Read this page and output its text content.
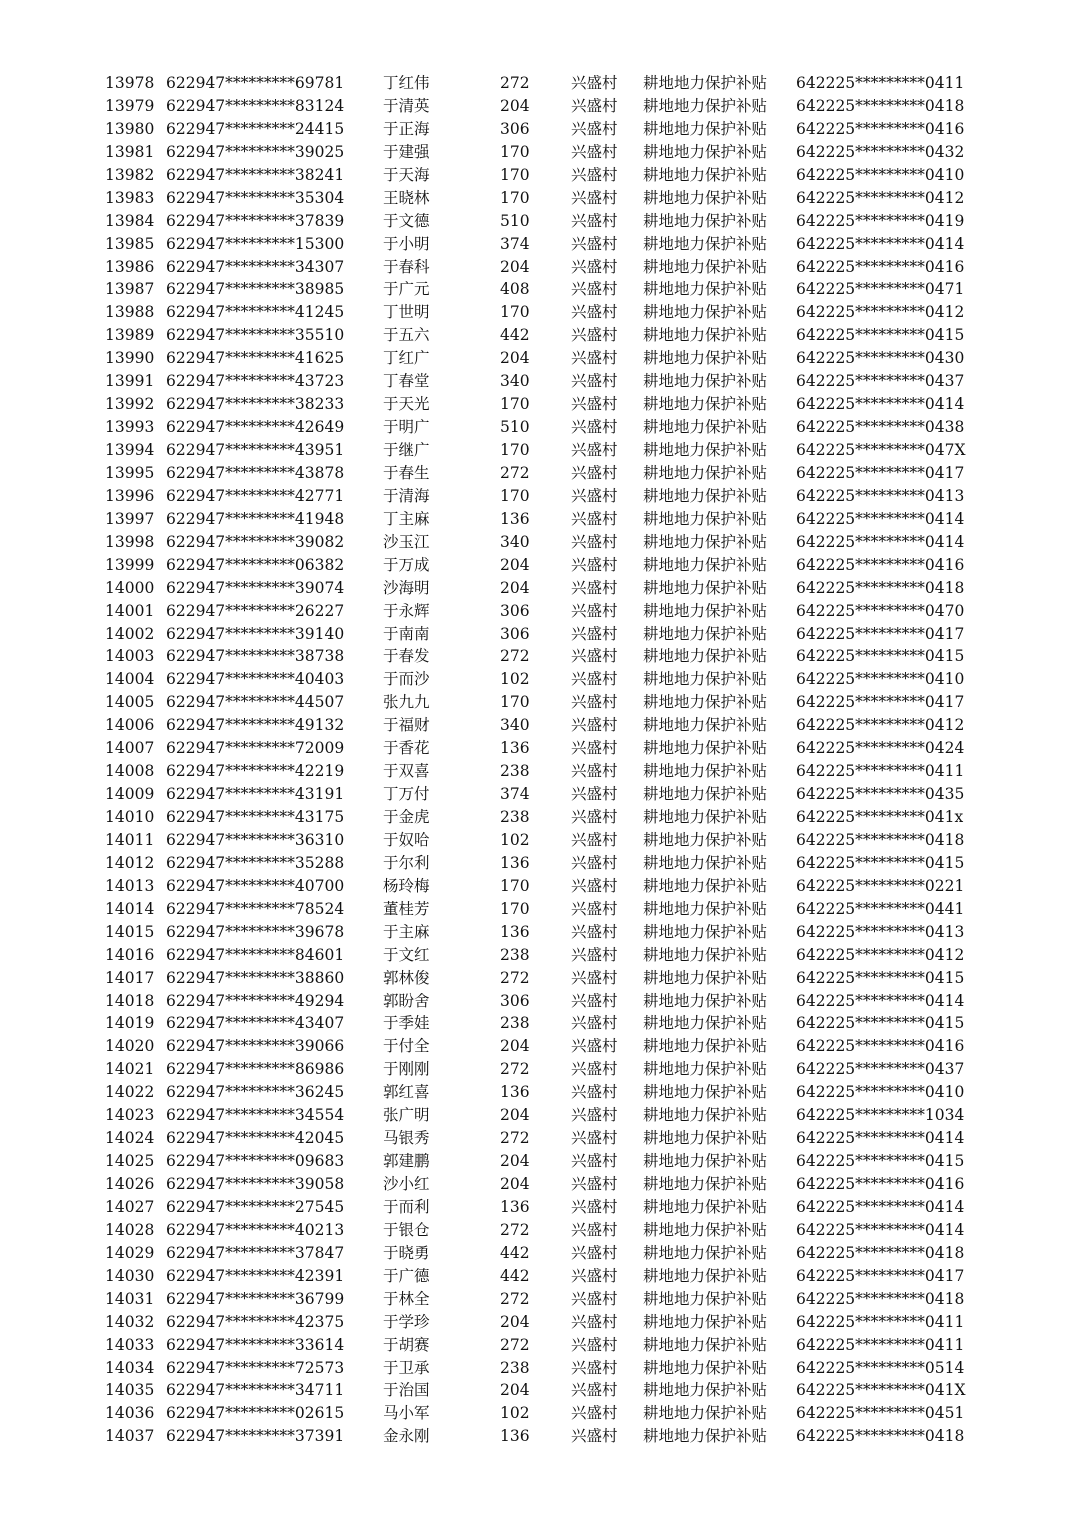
13978 622947*********69781	丁红伟	272	兴盛村 耕地地力保护补贴 642225*********0411
13979 622947*********83124	于清英	204	兴盛村 耕地地力保护补贴 642225*********0418
13980 622947*********24415	于正海	306	兴盛村 耕地地力保护补贴 642225*********0416
13981 622947*********39025	于建强	170	兴盛村 耕地地力保护补贴 642225*********0432
13982 622947*********38241	于天海	170	兴盛村 耕地地力保护补贴 642225*********0410
13983 622947*********35304	王晓林	170	兴盛村 耕地地力保护补贴 642225*********0412
13984 622947*********37839	于文德	510	兴盛村 耕地地力保护补贴 642225*********0419
13985 622947*********15300	于小明	374	兴盛村 耕地地力保护补贴 642225*********0414
13986 622947*********34307	于春科	204	兴盛村 耕地地力保护补贴 642225*********0416
13987 622947*********38985	于广元	408	兴盛村 耕地地力保护补贴 642225*********0471
13988 622947*********41245	丁世明	170	兴盛村 耕地地力保护补贴 642225*********0412
13989 622947*********35510	于五六	442	兴盛村 耕地地力保护补贴 642225*********0415
13990 622947*********41625	丁红广	204	兴盛村 耕地地力保护补贴 642225*********0430
13991 622947*********43723	丁春堂	340	兴盛村 耕地地力保护补贴 642225*********0437
13992 622947*********38233	于天光	170	兴盛村 耕地地力保护补贴 642225*********0414
13993 622947*********42649	于明广	510	兴盛村 耕地地力保护补贴 642225*********0438
13994 622947*********43951	于继广	170	兴盛村 耕地地力保护补贴 642225*********047X
13995 622947*********43878	于春生	272	兴盛村 耕地地力保护补贴 642225*********0417
13996 622947*********42771	于清海	170	兴盛村 耕地地力保护补贴 642225*********0413
13997 622947*********41948	丁主麻	136	兴盛村 耕地地力保护补贴 642225*********0414
13998 622947*********39082	沙玉江	340	兴盛村 耕地地力保护补贴 642225*********0414
13999 622947*********06382	于万成	204	兴盛村 耕地地力保护补贴 642225*********0416
14000 622947*********39074	沙海明	204	兴盛村 耕地地力保护补贴 642225*********0418
14001 622947*********26227	于永辉	306	兴盛村 耕地地力保护补贴 642225*********0470
14002 622947*********39140	于南南	306	兴盛村 耕地地力保护补贴 642225*********0417
14003 622947*********38738	于春发	272	兴盛村 耕地地力保护补贴 642225*********0415
14004 622947*********40403	于而沙	102	兴盛村 耕地地力保护补贴 642225*********0410
14005 622947*********44507	张九九	170	兴盛村 耕地地力保护补贴 642225*********0417
14006 622947*********49132	于福财	340	兴盛村 耕地地力保护补贴 642225*********0412
14007 622947*********72009	于香花	136	兴盛村 耕地地力保护补贴 642225*********0424
14008 622947*********42219	于双喜	238	兴盛村 耕地地力保护补贴 642225*********0411
14009 622947*********43191	丁万付	374	兴盛村 耕地地力保护补贴 642225*********0435
14010 622947*********43175	于金虎	238	兴盛村 耕地地力保护补贴 642225*********041x
14011 622947*********36310	于奴哈	102	兴盛村 耕地地力保护补贴 642225*********0418
14012 622947*********35288	于尔利	136	兴盛村 耕地地力保护补贴 642225*********0415
14013 622947*********40700	杨玲梅	170	兴盛村 耕地地力保护补贴 642225*********0221
14014 622947*********78524	董桂芳	170	兴盛村 耕地地力保护补贴 642225*********0441
14015 622947*********39678	于主麻	136	兴盛村 耕地地力保护补贴 642225*********0413
14016 622947*********84601	于文红	238	兴盛村 耕地地力保护补贴 642225*********0412
14017 622947*********38860	郭林俊	272	兴盛村 耕地地力保护补贴 642225*********0415
14018 622947*********49294	郭盼舍	306	兴盛村 耕地地力保护补贴 642225*********0414
14019 622947*********43407	于季娃	238	兴盛村 耕地地力保护补贴 642225*********0415
14020 622947*********39066	于付全	204	兴盛村 耕地地力保护补贴 642225*********0416
14021 622947*********86986	于刚刚	272	兴盛村 耕地地力保护补贴 642225*********0437
14022 622947*********36245	郭红喜	136	兴盛村 耕地地力保护补贴 642225*********0410
14023 622947*********34554	张广明	204	兴盛村 耕地地力保护补贴 642225*********1034
14024 622947*********42045	马银秀	272	兴盛村 耕地地力保护补贴 642225*********0414
14025 622947*********09683	郭建鹏	204	兴盛村 耕地地力保护补贴 642225*********0415
14026 622947*********39058	沙小红	204	兴盛村 耕地地力保护补贴 642225*********0416
14027 622947*********27545	于而利	136	兴盛村 耕地地力保护补贴 642225*********0414
14028 622947*********40213	于银仓	272	兴盛村 耕地地力保护补贴 642225*********0414
14029 622947*********37847	于晓勇	442	兴盛村 耕地地力保护补贴 642225*********0418
14030 622947*********42391	于广德	442	兴盛村 耕地地力保护补贴 642225*********0417
14031 622947*********36799	于林全	272	兴盛村 耕地地力保护补贴 642225*********0418
14032 622947*********42375	于学珍	204	兴盛村 耕地地力保护补贴 642225*********0411
14033 622947*********33614	于胡赛	272	兴盛村 耕地地力保护补贴 642225*********0411
14034 622947*********72573	于卫承	238	兴盛村 耕地地力保护补贴 642225*********0514
14035 622947*********34711	于治国	204	兴盛村 耕地地力保护补贴 642225*********041X
14036 622947*********02615	马小军	102	兴盛村 耕地地力保护补贴 642225*********0451
14037 622947*********37391	金永刚	136	兴盛村 耕地地力保护补贴 642225*********0418
